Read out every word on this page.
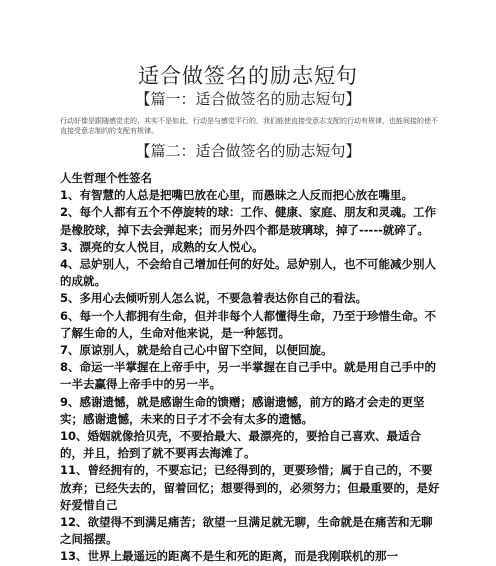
适合做签名的励志短句
【篇一：适合做签名的励志短句】
行动好像是跟随感觉走的，其实不是如此，行动是与感觉平行的，我们能使直接受意志支配的行动有规律，也能间接的使不直接受意志制约的支配有规律。
【篇二：适合做签名的励志短句】

人生哲理个性签名

1、有智慧的人总是把嘴巴放在心里，而愚昧之人反而把心放在嘴里。

2、每个人都有五个不停旋转的球：工作、健康、家庭、朋友和灵魂。工作是橡胶球，掉下去会弹起来；而另外四个都是玻璃球，掉了-----就碎了。

3、漂亮的女人悦目，成熟的女人悦心。

4、忌妒别人，不会给自己增加任何的好处。忌妒别人，也不可能减少别人的成就。

5、多用心去倾听别人怎么说，不要急着表达你自己的看法。

6、每一个人都拥有生命，但并非每个人都懂得生命，乃至于珍惜生命。不了解生命的人，生命对他来说，是一种惩罚。

7、原谅别人，就是给自己心中留下空间，以便回旋。

8、命运一半掌握在上帝手中，另一半掌握在自己手中。就是用自己手中的一半去赢得上帝手中的另一半。

9、感谢遗憾，就是感谢生命的馈赠；感谢遗憾，前方的路才会走的更坚实；感谢遗憾，未来的日子才不会有太多的遗憾。

10、婚姻就像拾贝壳，不要拾最大、最漂亮的，要拾自己喜欢、最适合的，并且，拾到了就不要再去海滩了。

11、曾经拥有的，不要忘记；已经得到的，更要珍惜；属于自己的，不要放弃；已经失去的，留着回忆；想要得到的，必须努力；但最重要的，是好好爱惜自己

12、欲望得不到满足痛苦；欲望一旦满足就无聊，生命就是在痛苦和无聊之间摇摆。

13、世界上最遥远的距离不是生和死的距离，而是我刚联机的那一
